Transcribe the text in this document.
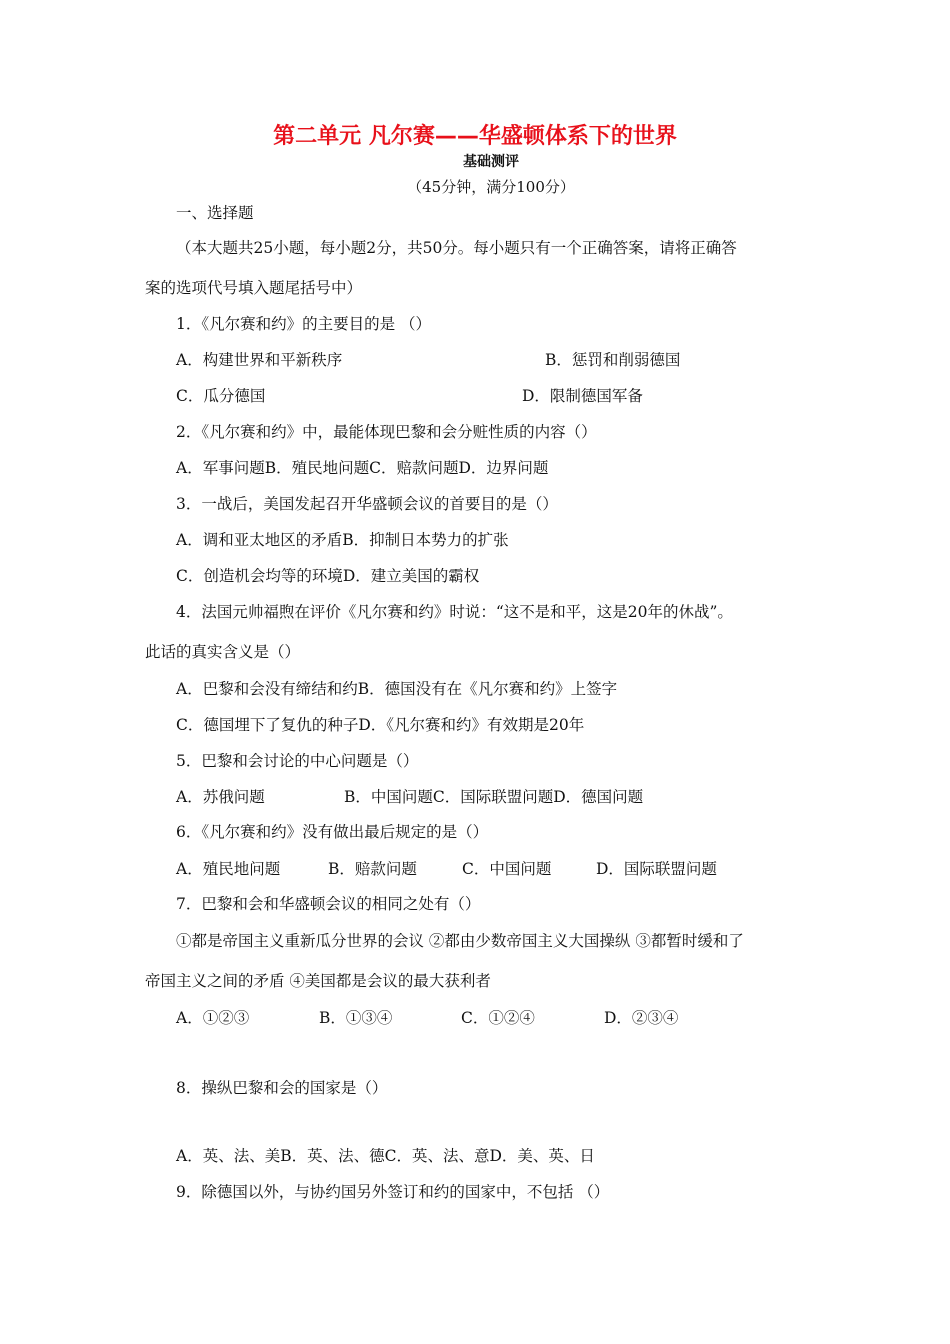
第二单元 凡尔赛——华盛顿体系下的世界
基础测评
（45分钟，满分100分）
一、选择题
（本大题共25小题，每小题2分，共50分。每小题只有一个正确答案，请将正确答
案的选项代号填入题尾括号中）
1．《凡尔赛和约》的主要目的是 （）
A．构建世界和平新秩序	B．惩罚和削弱德国
C．瓜分德国	D．限制德国军备
2．《凡尔赛和约》中，最能体现巴黎和会分赃性质的内容（）
A．军事问题B．殖民地问题C．赔款问题D．边界问题
3．一战后，美国发起召开华盛顿会议的首要目的是（）
A．调和亚太地区的矛盾B．抑制日本势力的扩张
C．创造机会均等的环境D．建立美国的霸权
4．法国元帅福煦在评价《凡尔赛和约》时说：“这不是和平，这是20年的休战”。
此话的真实含义是（）
A．巴黎和会没有缔结和约B．德国没有在《凡尔赛和约》上签字
C．德国埋下了复仇的种子D．《凡尔赛和约》有效期是20年
5．巴黎和会讨论的中心问题是（）
A．苏俄问题	B．中国问题C．国际联盟问题D．德国问题
6．《凡尔赛和约》没有做出最后规定的是（）
A．殖民地问题	B．赔款问题	C．中国问题	D．国际联盟问题
7．巴黎和会和华盛顿会议的相同之处有（）
①都是帝国主义重新瓜分世界的会议 ②都由少数帝国主义大国操纵 ③都暂时缓和了
帝国主义之间的矛盾 ④美国都是会议的最大获利者
A．①②③	B．①③④	C．①②④	D．②③④
8．操纵巴黎和会的国家是（）
A．英、法、美B．英、法、德C．英、法、意D．美、英、日
9．除德国以外，与协约国另外签订和约的国家中，不包括 （）
